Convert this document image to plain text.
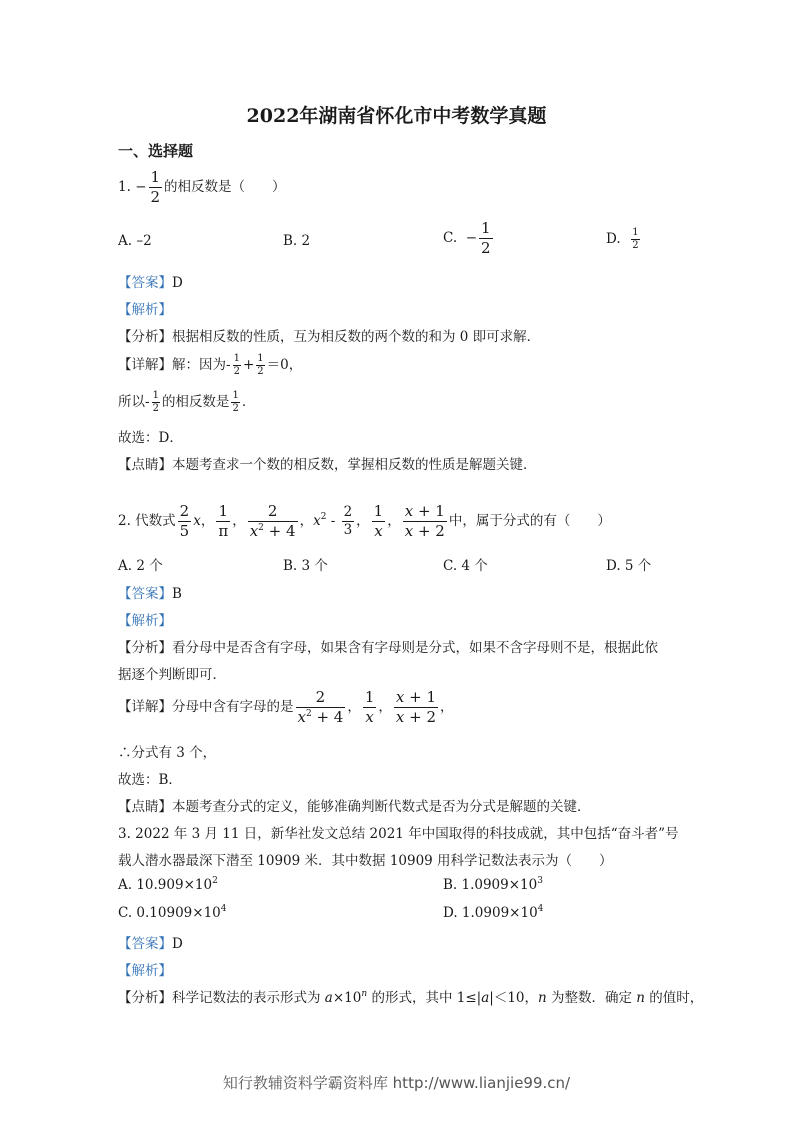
2022年湖南省怀化市中考数学真题
一、选择题
1. − $\frac{1}{2}$ 的相反数是（　　）
A. –2	B. 2	C. − $\frac{1}{2}$	D. $\frac{1}{2}$
【答案】D
【解析】
【分析】根据相反数的性质，互为相反数的两个数的和为 0 即可求解．
【详解】解：因为- $\frac{1}{2} + \frac{1}{2} =0$，
所以- $\frac{1}{2}$ 的相反数是 $\frac{1}{2}$ ．
故选：D．
【点睛】本题考查求一个数的相反数，掌握相反数的性质是解题关键．
2. 代数式 $\frac{2}{5}$ x， $\frac{1}{\pi}$ ， $\frac{2}{x^2 + 4}$ ，$x^2 - \frac{2}{3}$ ， $\frac{1}{x}$ ， $\frac{x + 1}{x + 2}$ 中，属于分式的有（　　）
A. 2 个	B. 3 个	C. 4 个	D. 5 个
【答案】B
【解析】
【分析】看分母中是否含有字母，如果含有字母则是分式，如果不含字母则不是，根据此依
据逐个判断即可．
【详解】分母中含有字母的是 $\frac{2}{x^2 + 4}$ ， $\frac{1}{x}$ ， $\frac{x + 1}{x + 2}$ ，
∴分式有 3 个，
故选：B．
【点睛】本题考查分式的定义，能够准确判断代数式是否为分式是解题的关键．
3. 2022 年 3 月 11 日，新华社发文总结 2021 年中国取得的科技成就，其中包括“奋斗者”号
载人潜水器最深下潜至 10909 米．其中数据 10909 用科学记数法表示为（　　）
A. $10.909\times 10^2$	B. $1.0909\times 10^3$
C. $0.10909\times 10^4$	D. $1.0909\times 10^4$
【答案】D
【解析】
【分析】科学记数法的表示形式为 $a\times 10^n$ 的形式，其中 1≤|a|＜10，n 为整数．确定 n 的值时，
知行教辅资料学霸资料库 http://www.lianjie99.cn/
